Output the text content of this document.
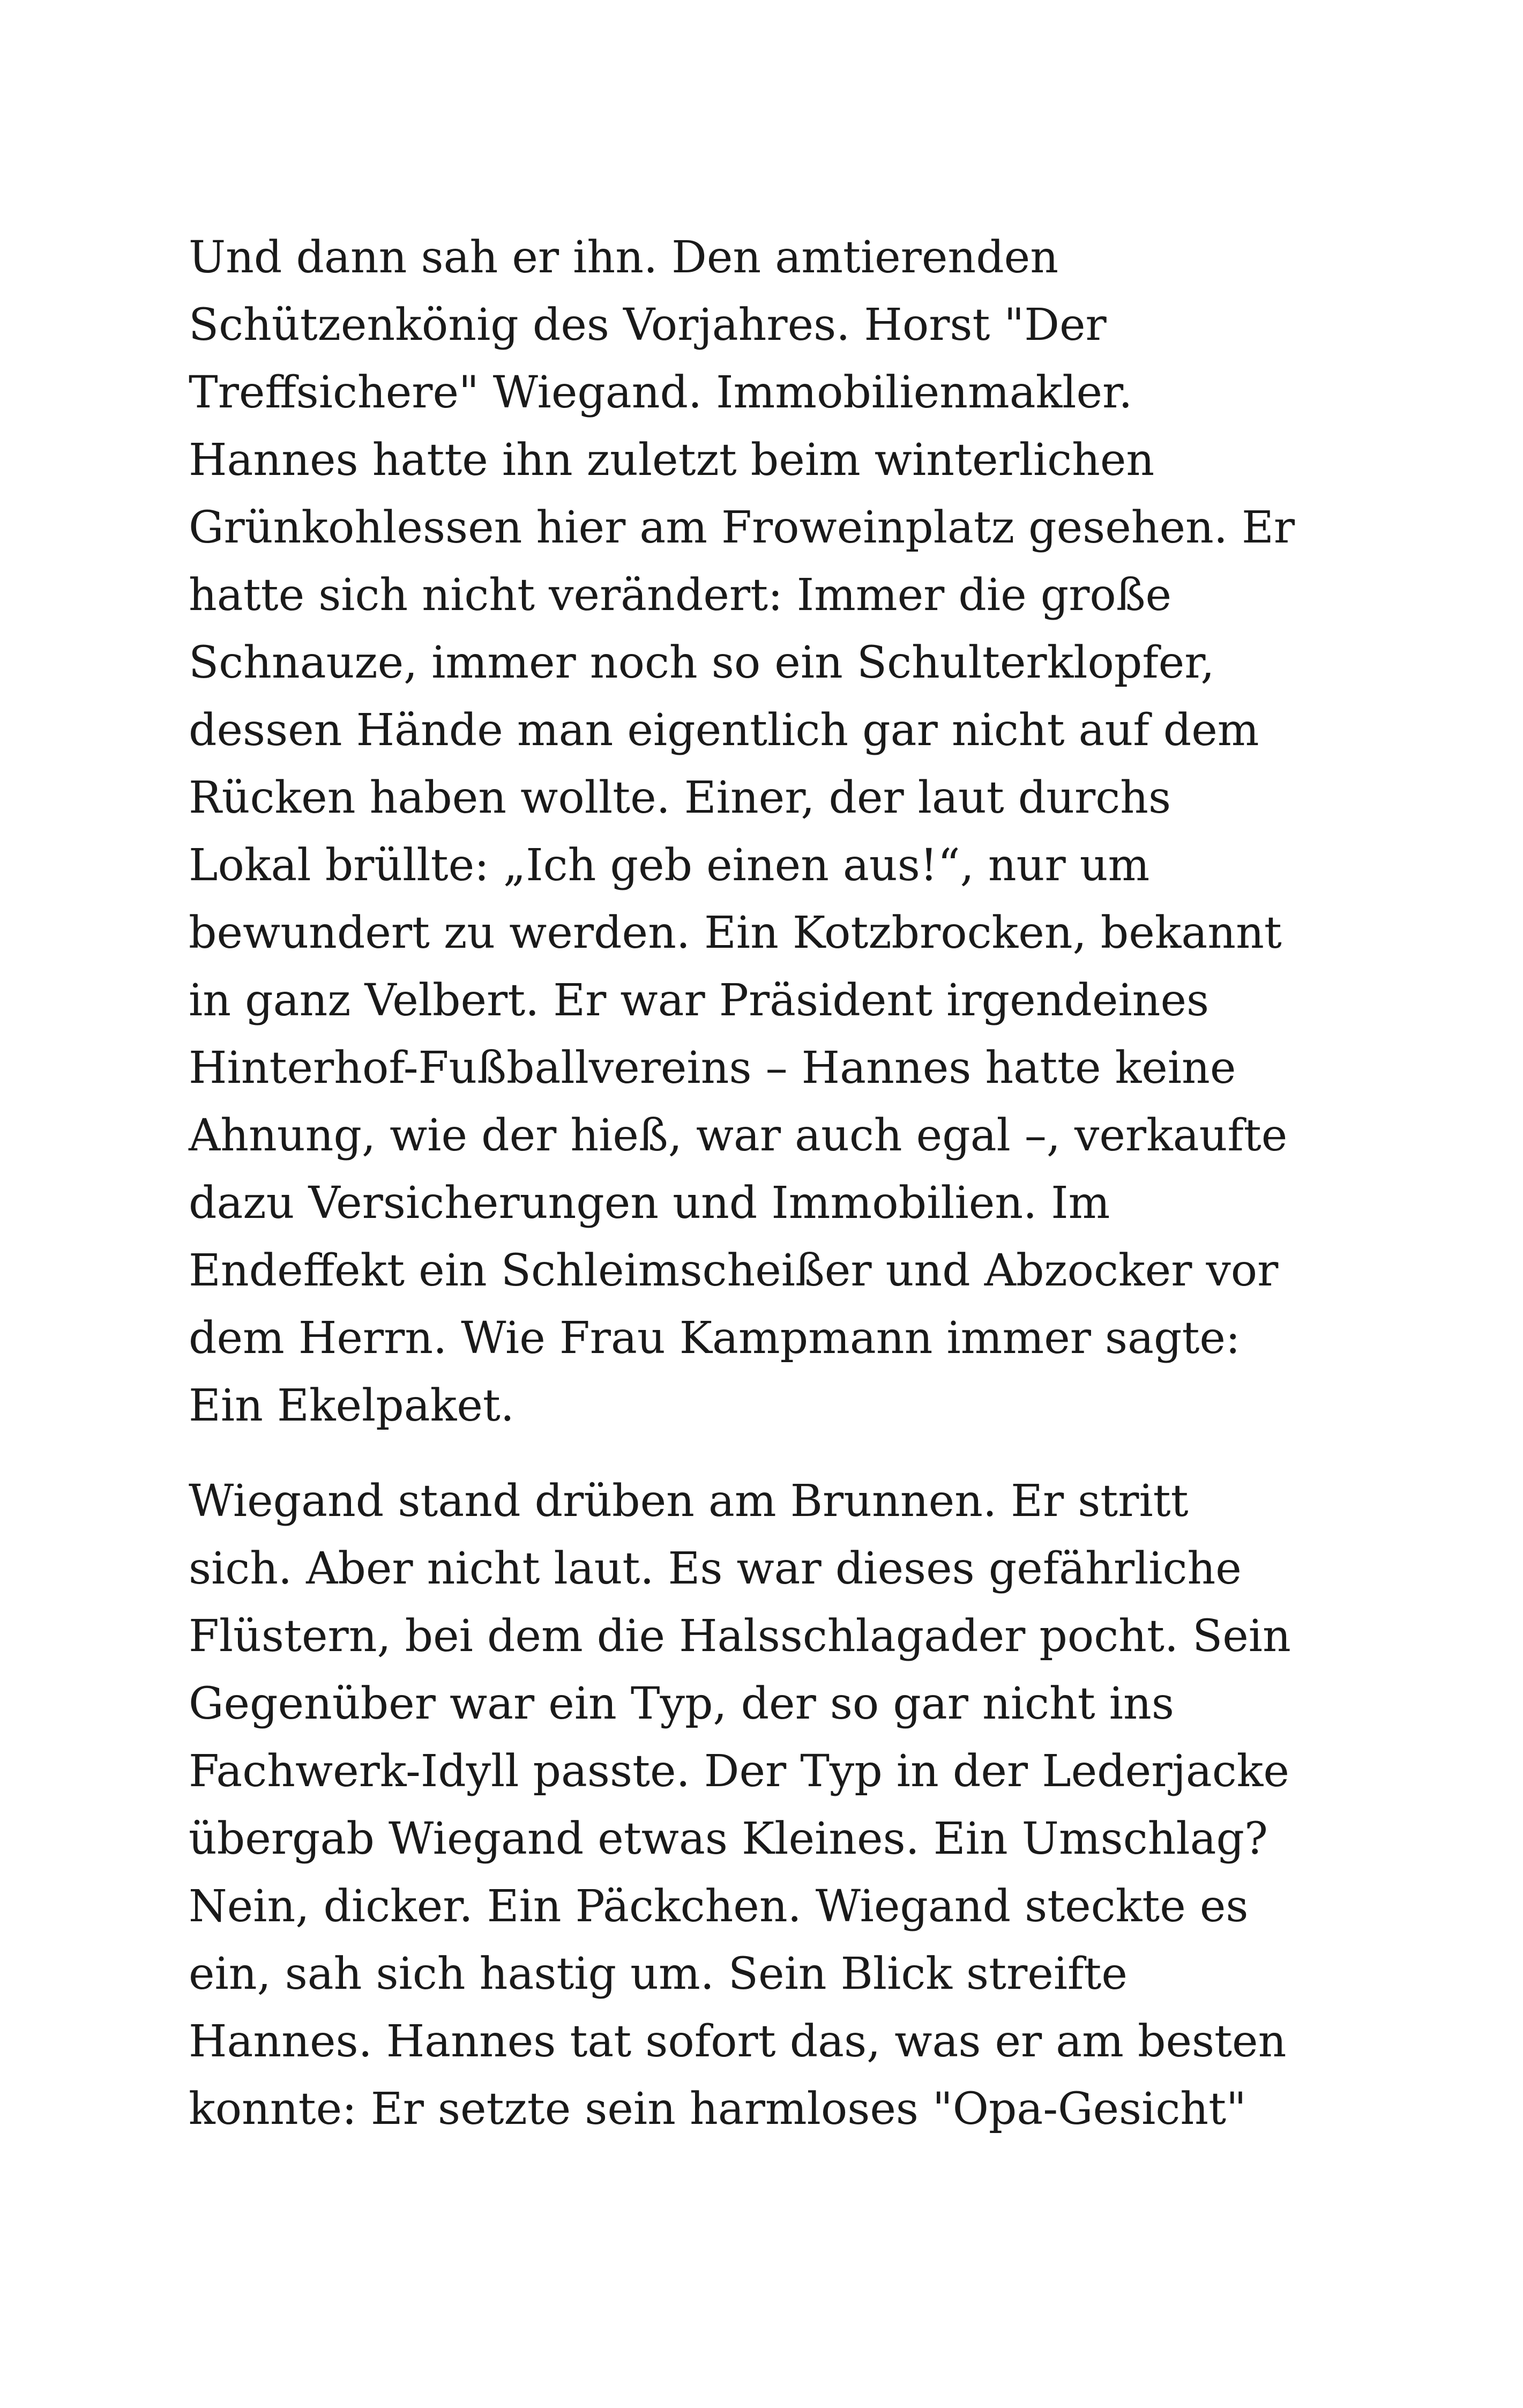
Und dann sah er ihn. Den amtierenden
Schützenkönig des Vorjahres. Horst "Der
Treffsichere" Wiegand. Immobilienmakler.
Hannes hatte ihn zuletzt beim winterlichen
Grünkohlessen hier am Froweinplatz gesehen. Er
hatte sich nicht verändert: Immer die große
Schnauze, immer noch so ein Schulterklopfer,
dessen Hände man eigentlich gar nicht auf dem
Rücken haben wollte. Einer, der laut durchs
Lokal brüllte: „Ich geb einen aus!“, nur um
bewundert zu werden. Ein Kotzbrocken, bekannt
in ganz Velbert. Er war Präsident irgendeines
Hinterhof-Fußballvereins – Hannes hatte keine
Ahnung, wie der hieß, war auch egal –, verkaufte
dazu Versicherungen und Immobilien. Im
Endeffekt ein Schleimscheißer und Abzocker vor
dem Herrn. Wie Frau Kampmann immer sagte:
Ein Ekelpaket.
Wiegand stand drüben am Brunnen. Er stritt
sich. Aber nicht laut. Es war dieses gefährliche
Flüstern, bei dem die Halsschlagader pocht. Sein
Gegenüber war ein Typ, der so gar nicht ins
Fachwerk-Idyll passte. Der Typ in der Lederjacke
übergab Wiegand etwas Kleines. Ein Umschlag?
Nein, dicker. Ein Päckchen. Wiegand steckte es
ein, sah sich hastig um. Sein Blick streifte
Hannes. Hannes tat sofort das, was er am besten
konnte: Er setzte sein harmloses "Opa-Gesicht"
